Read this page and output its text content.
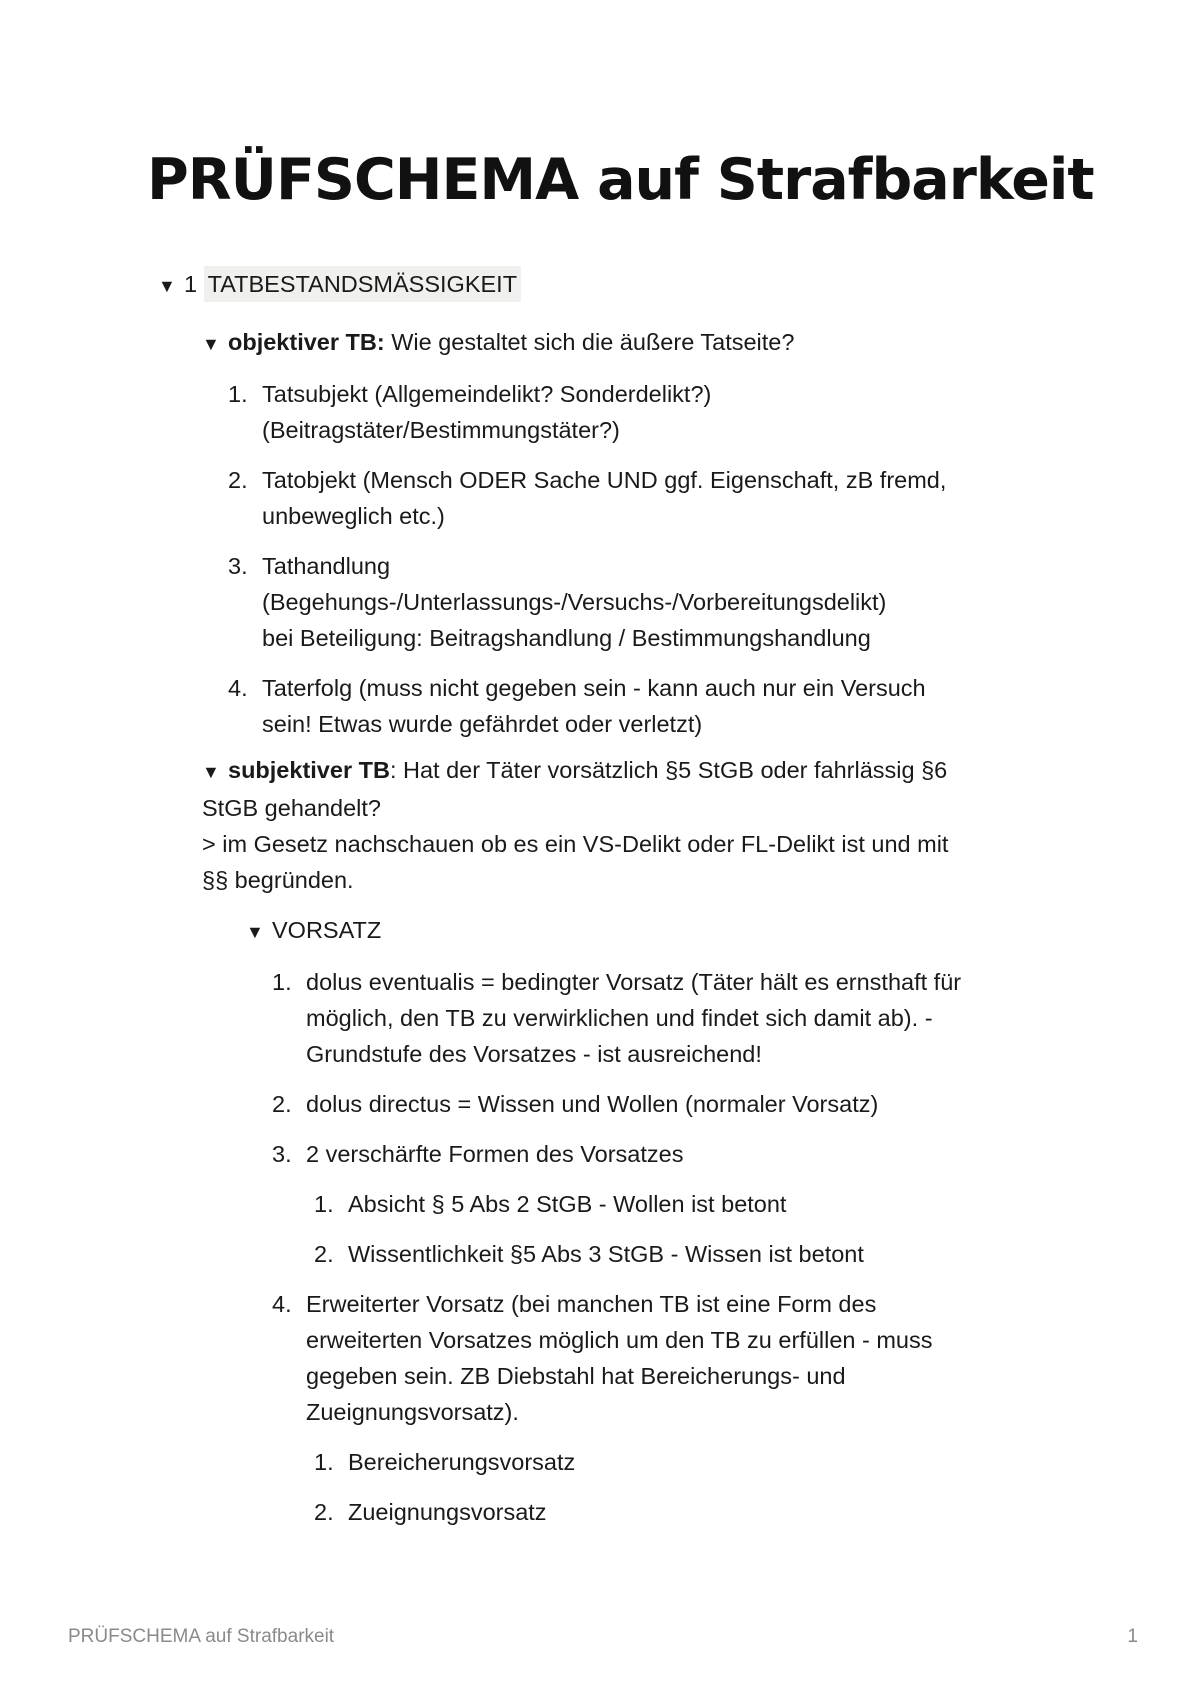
PRÜFSCHEMA auf Strafbarkeit
▼ 1
TATBESTANDSMÄSSIGKEIT
▼ objektiver TB: Wie gestaltet sich die äußere Tatseite?
1. Tatsubjekt (Allgemeindelikt? Sonderdelikt?)
(Beitragstäter/Bestimmungstäter?)
2. Tatobjekt (Mensch ODER Sache UND ggf. Eigenschaft, zB fremd,
unbeweglich etc.)
3. Tathandlung
(Begehungs-/Unterlassungs-/Versuchs-/Vorbereitungsdelikt)
bei Beteiligung: Beitragshandlung / Bestimmungshandlung
4. Taterfolg (muss nicht gegeben sein - kann auch nur ein Versuch
sein! Etwas wurde gefährdet oder verletzt)
▼ subjektiver TB: Hat der Täter vorsätzlich §5 StGB oder fahrlässig §6
StGB gehandelt?
> im Gesetz nachschauen ob es ein VS-Delikt oder FL-Delikt ist und mit
§§ begründen.
▼ VORSATZ
1. dolus eventualis = bedingter Vorsatz (Täter hält es ernsthaft für
möglich, den TB zu verwirklichen und findet sich damit ab). -
Grundstufe des Vorsatzes - ist ausreichend!
2. dolus directus = Wissen und Wollen (normaler Vorsatz)
3. 2 verschärfte Formen des Vorsatzes
1. Absicht § 5 Abs 2 StGB - Wollen ist betont
2. Wissentlichkeit §5 Abs 3 StGB - Wissen ist betont
4. Erweiterter Vorsatz (bei manchen TB ist eine Form des
erweiterten Vorsatzes möglich um den TB zu erfüllen - muss
gegeben sein. ZB Diebstahl hat Bereicherungs- und
Zueignungsvorsatz).
1. Bereicherungsvorsatz
2. Zueignungsvorsatz
PRÜFSCHEMA auf Strafbarkeit	1
